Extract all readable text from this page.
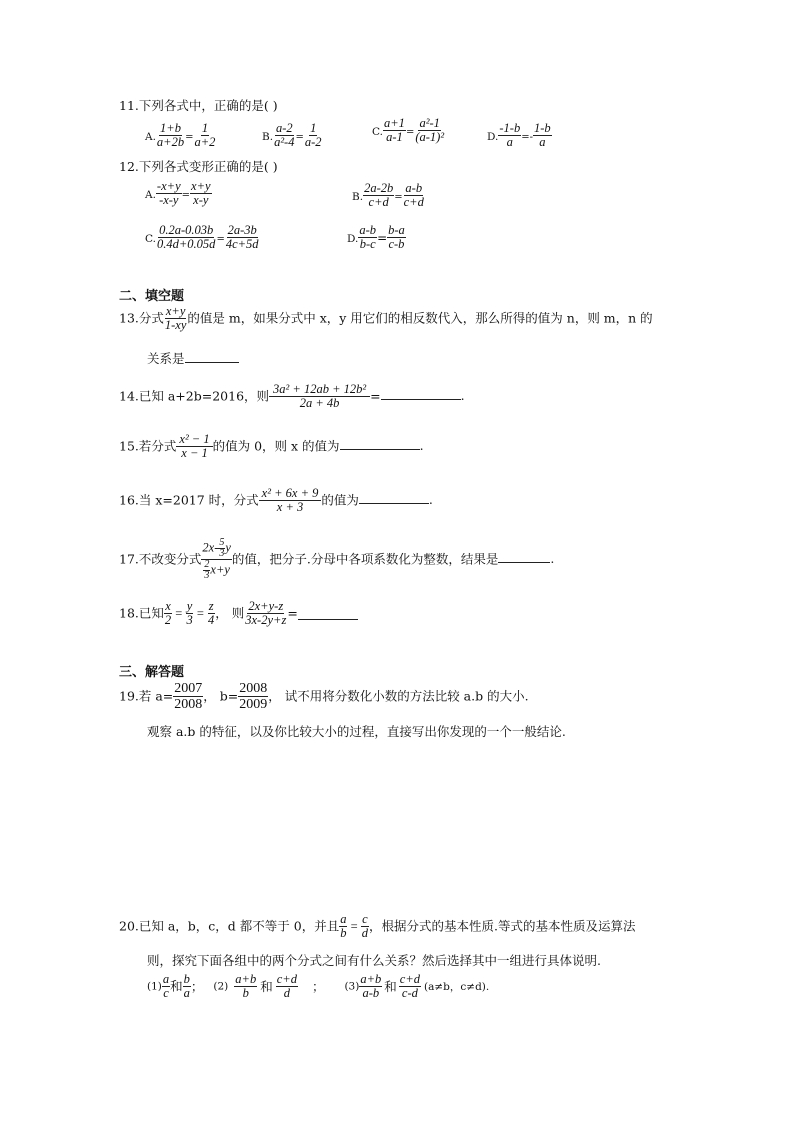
11.下列各式中，正确的是( )
A. $\frac{1+b}{a+2b} = \frac{1}{a+2}$	B. $\frac{a-2}{\text{a²-4}} = \frac{1}{a-2}$	C. $\frac{a+1}{a-1} = \frac{\text{a²-1}}{\text{(a-1)²}}$	D. $\frac{-1-b}{a} =- \frac{1-b}{a}$
12.下列各式变形正确的是( )
A. $\frac{-x+y}{-x-y} = \frac{x+y}{x-y}$	B. $\frac{2a-2b}{c+d} = \frac{a-b}{c+d}$
C. $\frac{0.2a-0.03b}{0.4d+0.05d} = \frac{2a-3b}{4c+5d}$	D. $\frac{a-b}{b-c} = \frac{b-a}{c-b}$
二、填空题
13.分式 $\frac{x+y}{1-xy}$ 的值是 m，如果分式中 x，y 用它们的相反数代入，那么所得的值为 n，则 m，n 的
关系是
14.已知 a+2b=2016，则 $\frac{\text{3a² + 12ab + 12b²}}{2a + 4b}$ =	.
15.若分式 $\frac{\text{x² − 1}}{x - 1}$ 的值为 0，则 x 的值为	.
16.当 x=2017 时，分式 $\frac{\text{x² + 6x + 9}}{x + 3}$ 的值为	.
17.不改变分式 $\frac{2x- \frac{5}{3} y}{\frac{2}{3} x+y}$ 的值，把分子.分母中各项系数化为整数，结果是	.
18.已知 $\frac{x}{2} = \frac{y}{3} = \frac{z}{4}$ ， 则 $\frac{2x+y-z}{3x-2y+z}$ =
三、解答题
19.若 $a= \frac{2007}{2008}$ ， $b= \frac{2008}{2009}$ ， 试不用将分数化小数的方法比较 a.b 的大小.
观察 a.b 的特征，以及你比较大小的过程，直接写出你发现的一个一般结论.
20.已知 a，b，c，d 都不等于 0，并且 $\frac{a}{b} = \frac{c}{d}$ ，根据分式的基本性质.等式的基本性质及运算法
则，探究下面各组中的两个分式之间有什么关系？然后选择其中一组进行具体说明.
$(1) \frac{a}{c}$ 和 $\frac{b}{a}$ ； $(2) \frac{a+b}{b}$ 和 $\frac{c+d}{d}$ ； $(3) \frac{a+b}{a-b}$ 和 $\frac{c+d}{c-d} (a\ne b$，c≠d).
